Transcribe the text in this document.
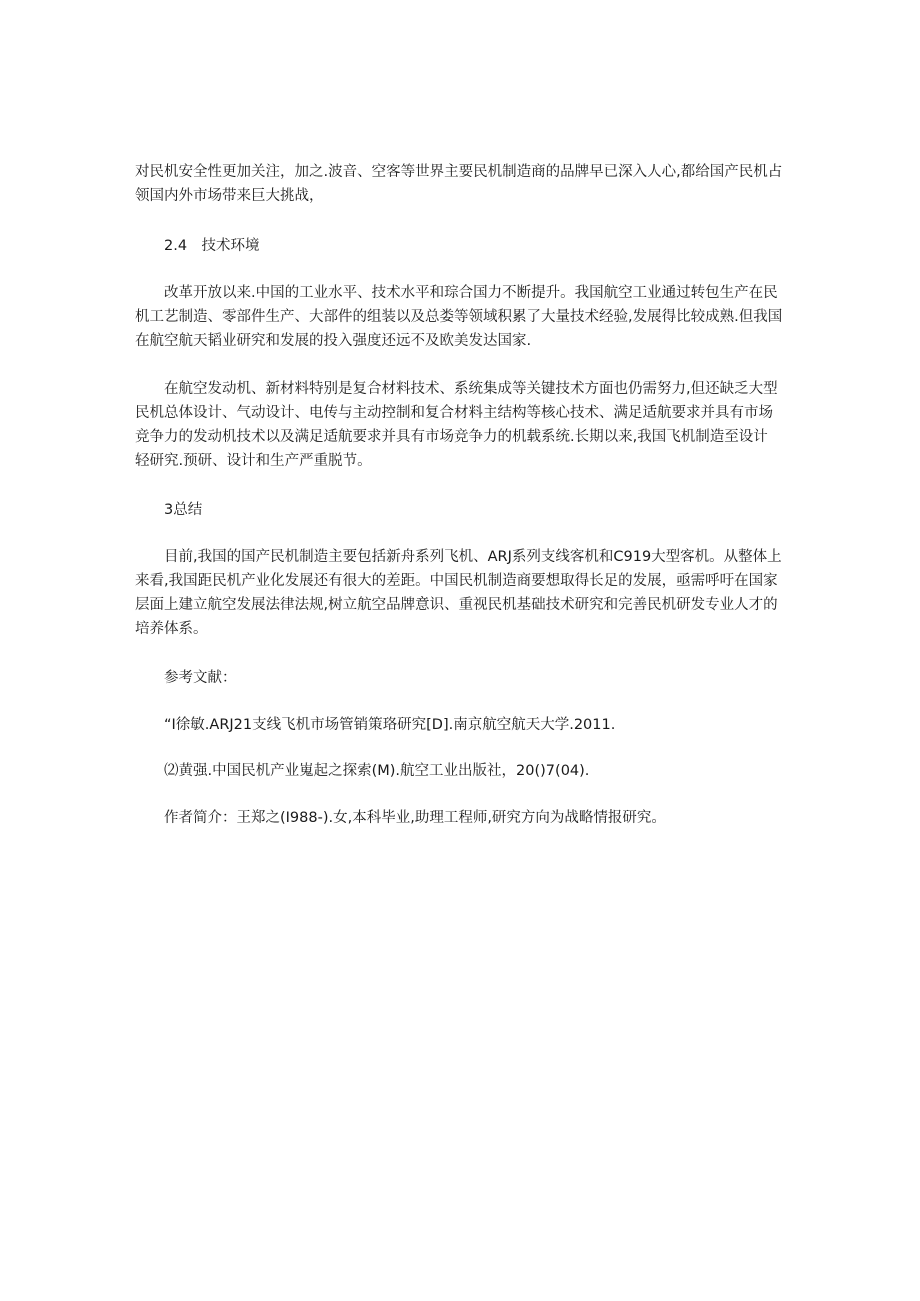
对民机安全性更加关注，加之.波音、空客等世界主要民机制造商的品牌早已深入人心,都给国产民机占
领国内外市场带来巨大挑战，

2.4　技术环境

改革开放以来.中国的工业水平、技术水平和琮合国力不断提升。我国航空工业通过转包生产在民
机工艺制造、零部件生产、大部件的组装以及总娄等领域积累了大量技术经验,发展得比较成熟.但我国
在航空航天韬业研究和发展的投入强度还远不及欧美发达国家.

在航空发动机、新材料特别是复合材料技术、系统集成等关键技术方面也仍需努力,但还缺乏大型
民机总体设计、气动设计、电传与主动控制和复合材料主结构等核心技术、满足适航要求并具有市场
竞争力的发动机技术以及满足适航要求并具有市场竞争力的机载系统.长期以来,我国飞机制造至设计
轻研究.预研、设计和生产严重脱节。

3总结

目前,我国的国产民机制造主要包括新舟系列飞机、ARJ系列支线客机和C919大型客机。从整体上
来看,我国距民机产业化发展还有很大的差距。中国民机制造商要想取得长足的发展，亟需呼吁在国家
层面上建立航空发展法律法规,树立航空品牌意识、重视民机基础技术研究和完善民机研发专业人才的
培养体系。

参考文献：

“I徐敏.ARJ21支线飞机市场管销策珞研究[D].南京航空航天大学.2011.

⑵黄强.中国民机产业嵬起之探索(M).航空工业出版社，20()7(04).

作者简介：王郑之(I988-).女,本科毕业,助理工程师,研究方向为战略情报研究。
